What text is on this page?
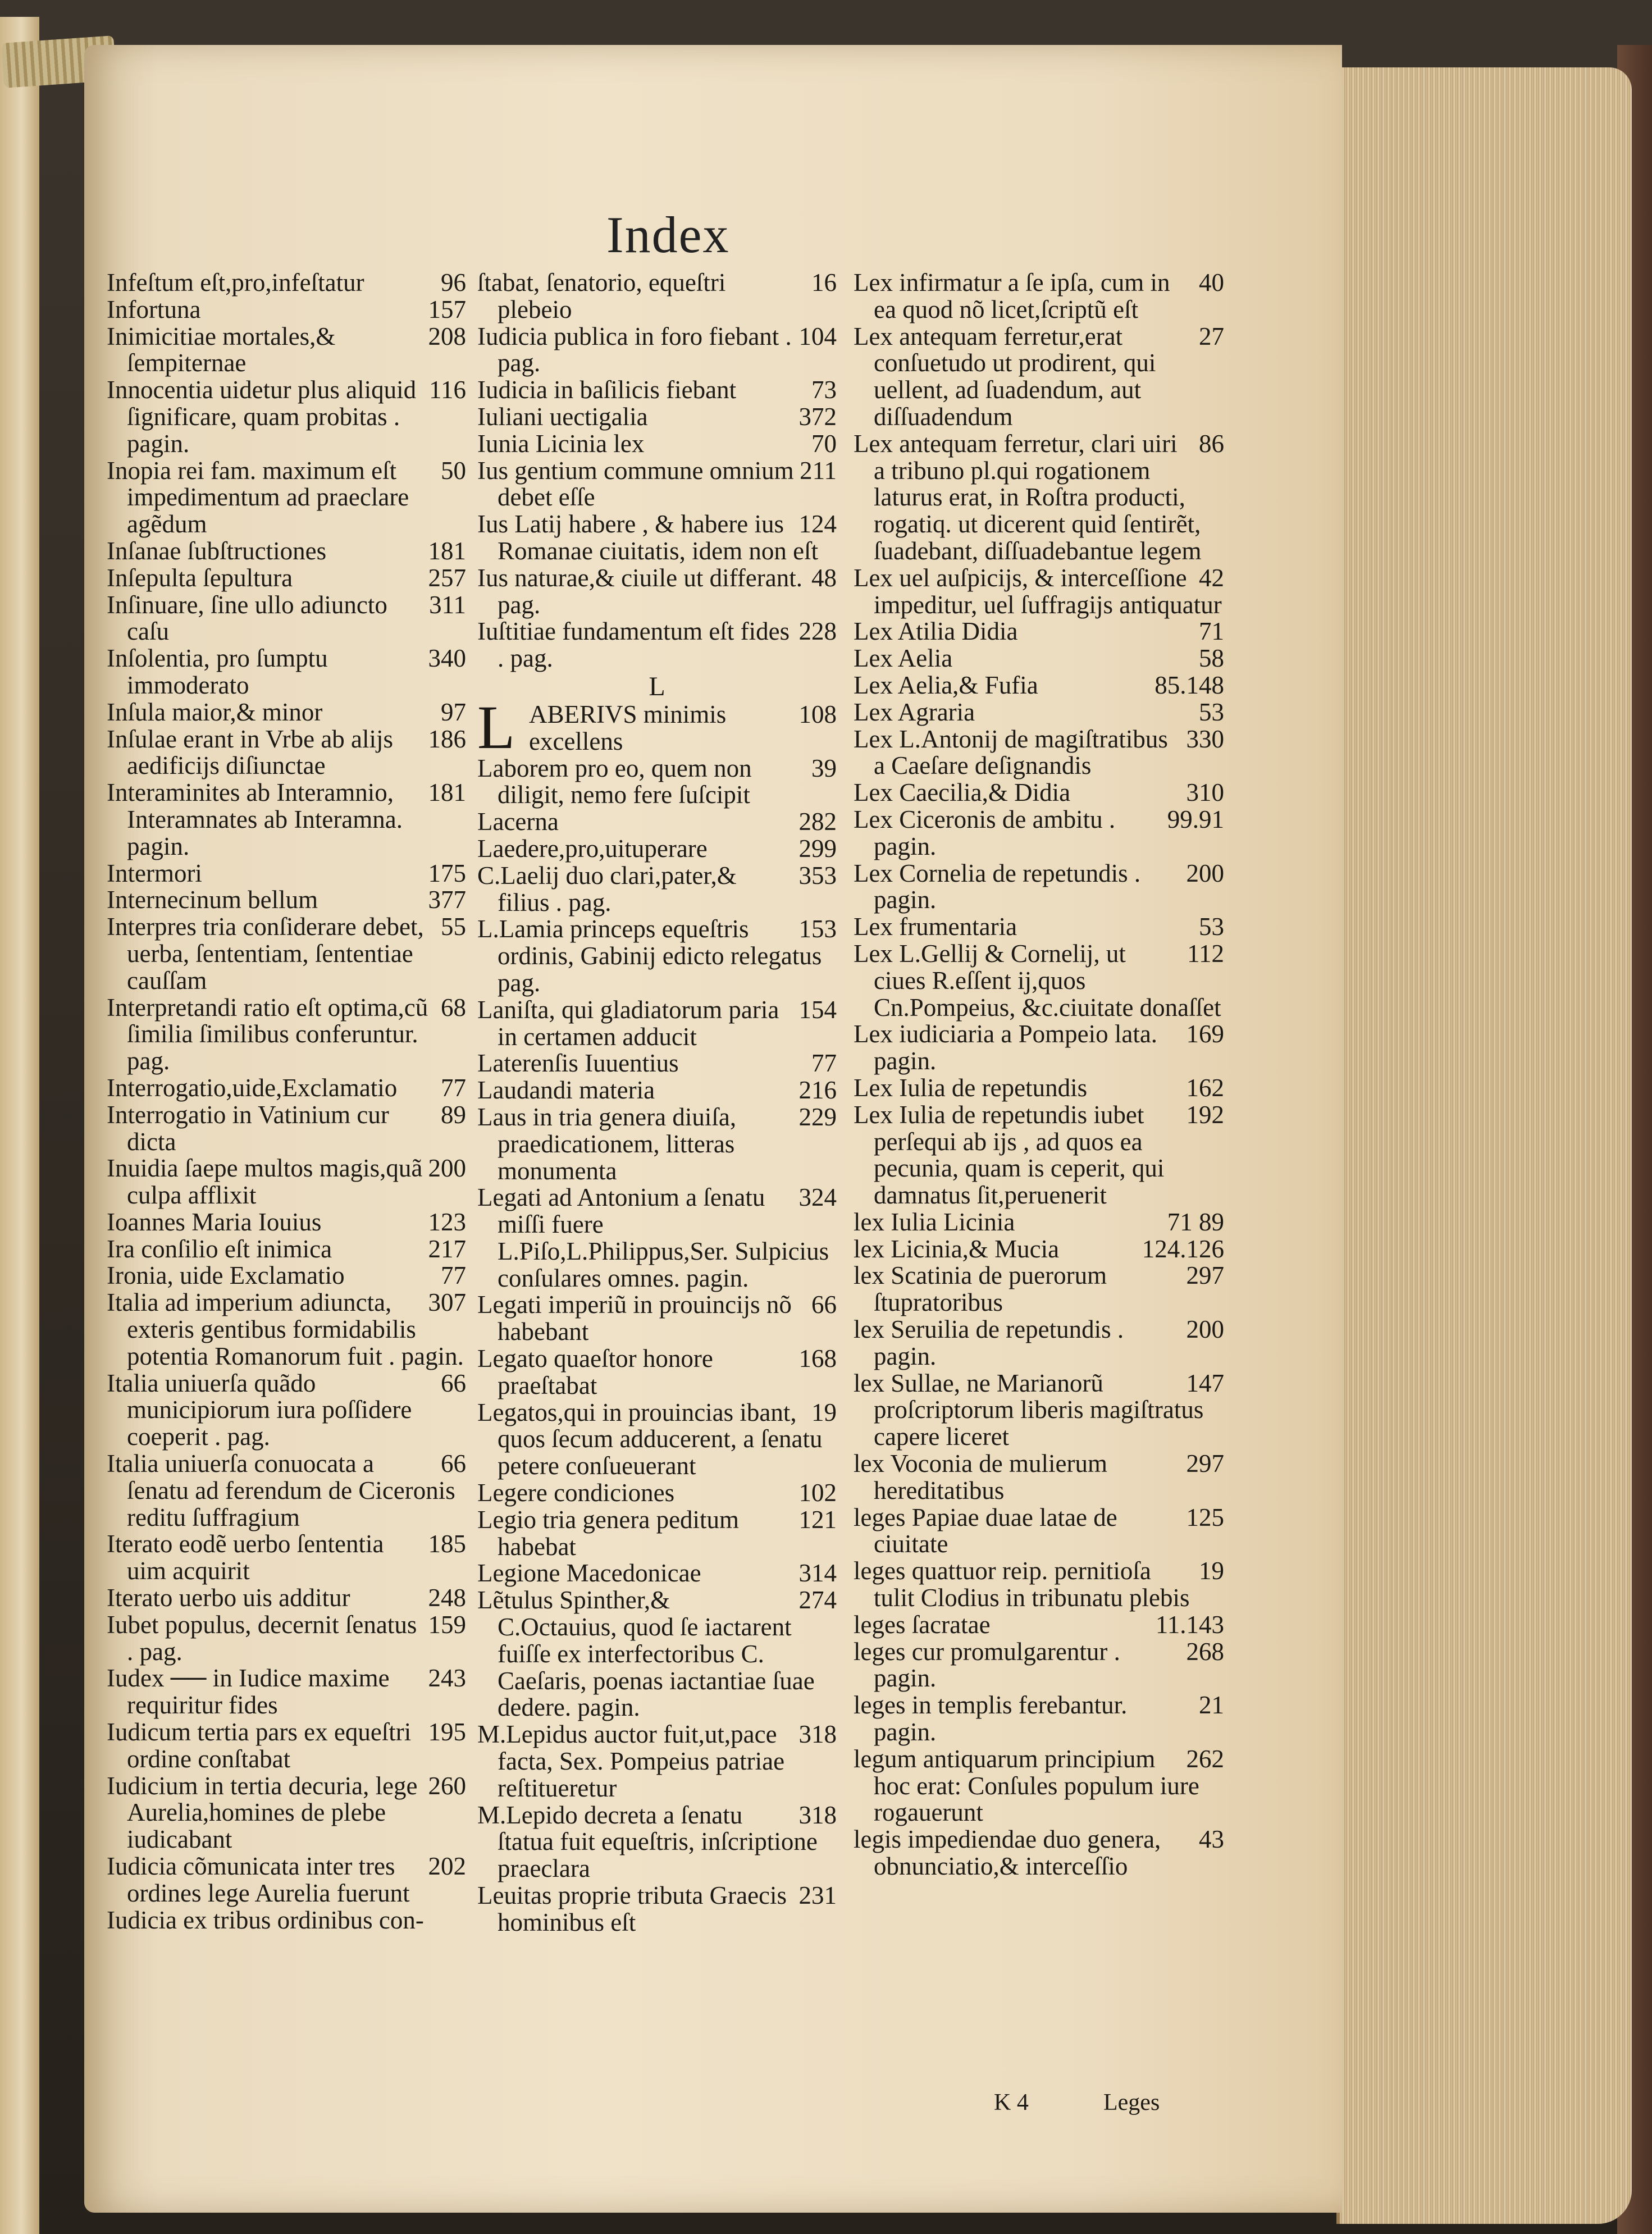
Index

96
Infeſtum eſt,pro,infeſtatur

157
Infortuna

208
Inimicitiae mortales,& ſempiternae

116
Innocentia uidetur plus aliquid ſignificare, quam probitas . pagin.

50
Inopia rei fam. maximum eſt impedimentum ad praeclare agẽdum

181
Inſanae ſubſtructiones

257
Inſepulta ſepultura

311
Inſinuare, ſine ullo adiuncto caſu

340
Inſolentia, pro ſumptu immoderato

97
Inſula maior,& minor

186
Inſulae erant in Vrbe ab alijs aedificijs diſiunctae

181
Interaminites ab Interamnio, Interamnates ab Interamna. pagin.

175
Intermori

377
Internecinum bellum

55
Interpres tria conſiderare debet, uerba, ſententiam, ſententiae cauſſam

68
Interpretandi ratio eſt optima,cũ ſimilia ſimilibus conferuntur. pag.

77
Interrogatio,uide,Exclamatio

89
Interrogatio in Vatinium cur dicta

200
Inuidia ſaepe multos magis,quã culpa afflixit

123
Ioannes Maria Iouius

217
Ira conſilio eſt inimica

77
Ironia, uide Exclamatio

307
Italia ad imperium adiuncta, exteris gentibus formidabilis potentia Romanorum fuit . pagin.

66
Italia uniuerſa quãdo municipiorum iura poſſidere coeperit . pag.

66
Italia uniuerſa conuocata a ſenatu ad ferendum de Ciceronis reditu ſuffragium

185
Iterato eodẽ uerbo ſententia uim acquirit

248
Iterato uerbo uis additur

159
Iubet populus, decernit ſenatus . pag.

243
Iudex ── in Iudice maxime requiritur fides

195
Iudicum tertia pars ex equeſtri ordine conſtabat

260
Iudicium in tertia decuria, lege Aurelia,homines de plebe iudicabant

202
Iudicia cõmunicata inter tres ordines lege Aurelia fuerunt

Iudicia ex tribus ordinibus con-

16
ſtabat, ſenatorio, equeſtri plebeio

104
Iudicia publica in foro fiebant . pag.

73
Iudicia in baſilicis fiebant

372
Iuliani uectigalia

70
Iunia Licinia lex

211
Ius gentium commune omnium debet eſſe

124
Ius Latij habere , & habere ius Romanae ciuitatis, idem non eſt

48
Ius naturae,& ciuile ut differant. pag.

228
Iuſtitiae fundamentum eſt fides . pag.

L

L	108
ABERIVS minimis excellens

39
Laborem pro eo, quem non diligit, nemo fere ſuſcipit

282
Lacerna

299
Laedere,pro,uituperare

353
C.Laelij duo clari,pater,& filius . pag.

153
L.Lamia princeps equeſtris ordinis, Gabinij edicto relegatus pag.

154
Laniſta, qui gladiatorum paria in certamen adducit

77
Laterenſis Iuuentius

216
Laudandi materia

229
Laus in tria genera diuiſa, praedicationem, litteras monumenta

324
Legati ad Antonium a ſenatu miſſi fuere L.Piſo,L.Philippus,Ser. Sulpicius conſulares omnes. pagin.

66
Legati imperiũ in prouincijs nõ habebant

168
Legato quaeſtor honore praeſtabat

19
Legatos,qui in prouincias ibant, quos ſecum adducerent, a ſenatu petere conſueuerant

102
Legere condiciones

121
Legio tria genera peditum habebat

314
Legione Macedonicae

274
Lẽtulus Spinther,& C.Octauius, quod ſe iactarent fuiſſe ex interfectoribus C. Caeſaris, poenas iactantiae ſuae dedere. pagin.

318
M.Lepidus auctor fuit,ut,pace facta, Sex. Pompeius patriae reſtitueretur

318
M.Lepido decreta a ſenatu ſtatua fuit equeſtris, inſcriptione praeclara

231
Leuitas proprie tributa Graecis hominibus eſt

40
Lex infirmatur a ſe ipſa, cum in ea quod nõ licet,ſcriptũ eſt

27
Lex antequam ferretur,erat conſuetudo ut prodirent, qui uellent, ad ſuadendum, aut diſſuadendum

86
Lex antequam ferretur, clari uiri a tribuno pl.qui rogationem laturus erat, in Roſtra producti, rogatiq. ut dicerent quid ſentirẽt, ſuadebant, diſſuadebantue legem

42
Lex uel auſpicijs, & interceſſione impeditur, uel ſuffragijs antiquatur

71
Lex Atilia Didia

58
Lex Aelia

85.148
Lex Aelia,& Fufia

53
Lex Agraria

330
Lex L.Antonij de magiſtratibus a Caeſare deſignandis

310
Lex Caecilia,& Didia

99.91
Lex Ciceronis de ambitu . pagin.

200
Lex Cornelia de repetundis . pagin.

53
Lex frumentaria

112
Lex L.Gellij & Cornelij, ut ciues R.eſſent ij,quos Cn.Pompeius, &c.ciuitate donaſſet

169
Lex iudiciaria a Pompeio lata. pagin.

162
Lex Iulia de repetundis

192
Lex Iulia de repetundis iubet perſequi ab ijs , ad quos ea pecunia, quam is ceperit, qui damnatus ſit,peruenerit

71 89
lex Iulia Licinia

124.126
lex Licinia,& Mucia

297
lex Scatinia de puerorum ſtupratoribus

200
lex Seruilia de repetundis . pagin.

147
lex Sullae, ne Marianorũ proſcriptorum liberis magiſtratus capere liceret

297
lex Voconia de mulierum hereditatibus

125
leges Papiae duae latae de ciuitate

19
leges quattuor reip. pernitioſa tulit Clodius in tribunatu plebis

11.143
leges ſacratae

268
leges cur promulgarentur . pagin.

21
leges in templis ferebantur. pagin.

262
legum antiquarum principium hoc erat: Conſules populum iure rogauerunt

43
legis impediendae duo genera, obnunciatio,& interceſſio

K 4	Leges
